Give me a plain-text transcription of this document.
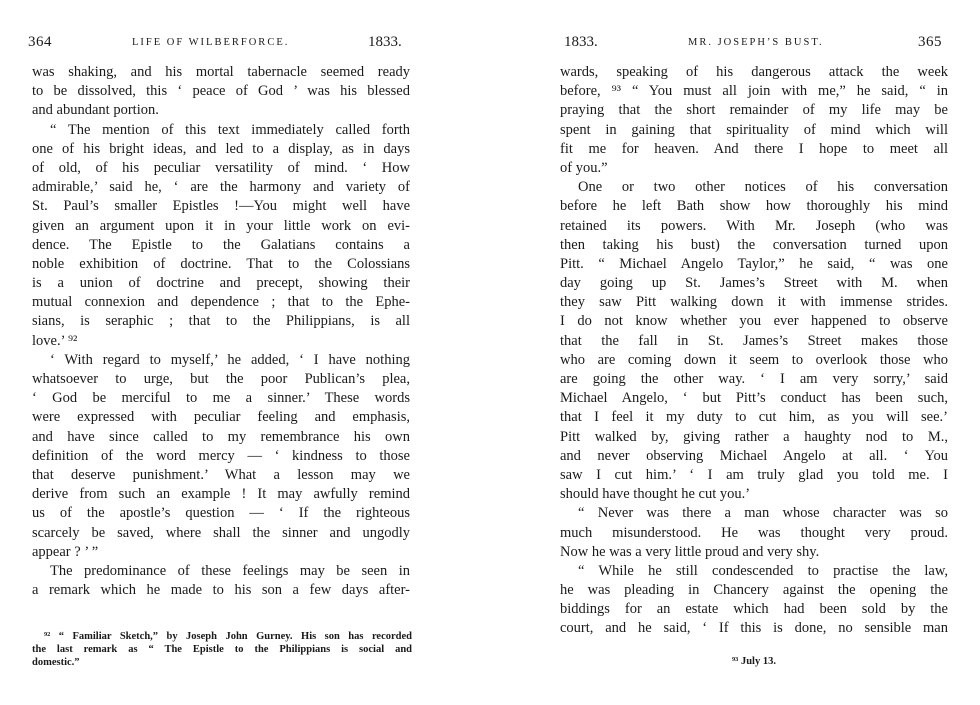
364	LIFE OF WILBERFORCE.	1833.
was shaking, and his mortal tabernacle seemed ready
to be dissolved, this ‘ peace of God ’ was his blessed
and abundant portion.
“ The mention of this text immediately called forth
one of his bright ideas, and led to a display, as in days
of old, of his peculiar versatility of mind. ‘ How
admirable,’ said he, ‘ are the harmony and variety of
St. Paul’s smaller Epistles !—You might well have
given an argument upon it in your little work on evi-
dence. The Epistle to the Galatians contains a
noble exhibition of doctrine. That to the Colossians
is a union of doctrine and precept, showing their
mutual connexion and dependence ; that to the Ephe-
sians, is seraphic ; that to the Philippians, is all
love.’ ⁹²
‘ With regard to myself,’ he added, ‘ I have nothing
whatsoever to urge, but the poor Publican’s plea,
‘ God be merciful to me a sinner.’ These words
were expressed with peculiar feeling and emphasis,
and have since called to my remembrance his own
definition of the word mercy — ‘ kindness to those
that deserve punishment.’ What a lesson may we
derive from such an example ! It may awfully remind
us of the apostle’s question — ‘ If the righteous
scarcely be saved, where shall the sinner and ungodly
appear ? ’ ”
The predominance of these feelings may be seen in
a remark which he made to his son a few days after-
⁹² “ Familiar Sketch,” by Joseph John Gurney. His son has recorded
the last remark as “ The Epistle to the Philippians is social and
domestic.”
1833.	MR. JOSEPH’S BUST.	365
wards, speaking of his dangerous attack the week
before, ⁹³ “ You must all join with me,” he said, “ in
praying that the short remainder of my life may be
spent in gaining that spirituality of mind which will
fit me for heaven. And there I hope to meet all
of you.”
One or two other notices of his conversation
before he left Bath show how thoroughly his mind
retained its powers. With Mr. Joseph (who was
then taking his bust) the conversation turned upon
Pitt. “ Michael Angelo Taylor,” he said, “ was one
day going up St. James’s Street with M. when
they saw Pitt walking down it with immense strides.
I do not know whether you ever happened to observe
that the fall in St. James’s Street makes those
who are coming down it seem to overlook those who
are going the other way. ‘ I am very sorry,’ said
Michael Angelo, ‘ but Pitt’s conduct has been such,
that I feel it my duty to cut him, as you will see.’
Pitt walked by, giving rather a haughty nod to M.,
and never observing Michael Angelo at all. ‘ You
saw I cut him.’ ‘ I am truly glad you told me. I
should have thought he cut you.’
“ Never was there a man whose character was so
much misunderstood. He was thought very proud.
Now he was a very little proud and very shy.
“ While he still condescended to practise the law,
he was pleading in Chancery against the opening the
biddings for an estate which had been sold by the
court, and he said, ‘ If this is done, no sensible man
⁹³ July 13.
